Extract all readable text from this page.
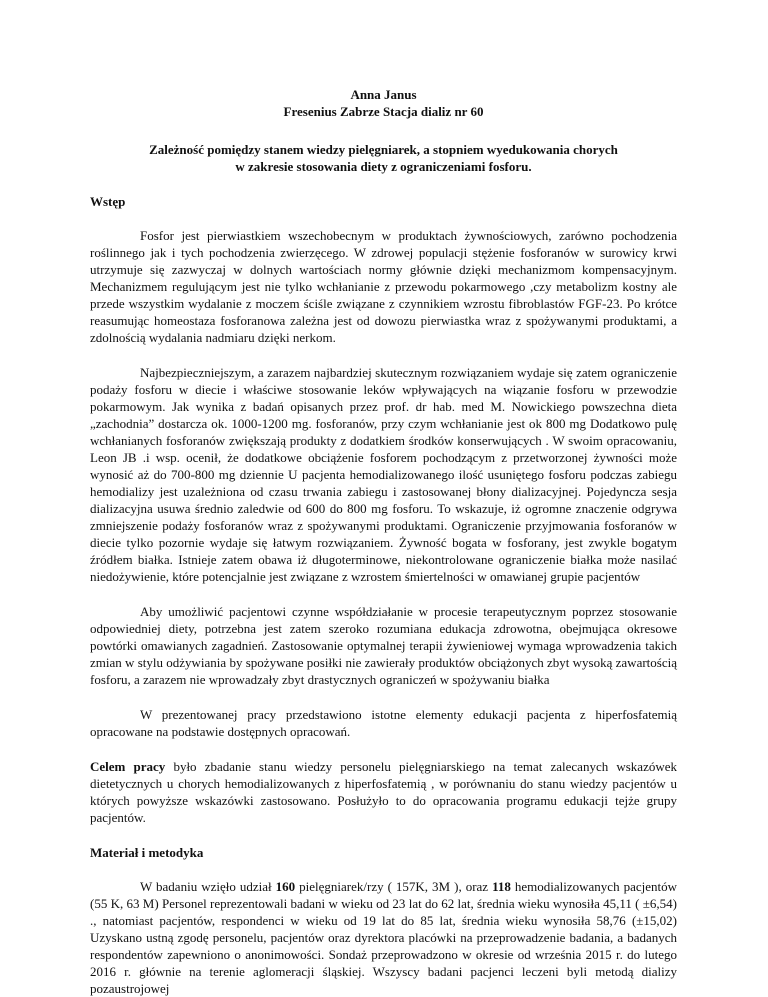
Anna Janus
Fresenius Zabrze Stacja dializ nr 60
Zależność pomiędzy stanem wiedzy pielęgniarek, a stopniem wyedukowania chorych
w zakresie stosowania diety z ograniczeniami fosforu.
Wstęp

Fosfor jest pierwiastkiem wszechobecnym w produktach żywnościowych, zarówno pochodzenia roślinnego jak i tych pochodzenia zwierzęcego. W zdrowej populacji stężenie fosforanów w surowicy krwi utrzymuje się zazwyczaj w dolnych wartościach normy głównie dzięki mechanizmom kompensacyjnym. Mechanizmem regulującym jest nie tylko wchłanianie z przewodu pokarmowego ,czy metabolizm kostny ale przede wszystkim wydalanie z moczem ściśle związane z czynnikiem wzrostu fibroblastów FGF-23. Po krótce reasumując homeostaza fosforanowa zależna jest od dowozu pierwiastka wraz z spożywanymi produktami, a zdolnością wydalania nadmiaru dzięki nerkom.

Najbezpieczniejszym, a zarazem najbardziej skutecznym rozwiązaniem wydaje się zatem ograniczenie podaży fosforu w diecie i właściwe stosowanie leków wpływających na wiązanie fosforu w przewodzie pokarmowym. Jak wynika z badań opisanych przez prof. dr hab. med M. Nowickiego powszechna dieta „zachodnia” dostarcza ok. 1000-1200 mg. fosforanów, przy czym wchłanianie jest ok 800 mg Dodatkowo pulę wchłanianych fosforanów zwiększają produkty z dodatkiem środków konserwujących . W swoim opracowaniu, Leon JB .i wsp. ocenił, że dodatkowe obciążenie fosforem pochodzącym z przetworzonej żywności może wynosić aż do 700-800 mg dziennie U pacjenta hemodializowanego ilość usuniętego fosforu podczas zabiegu hemodializy jest uzależniona od czasu trwania zabiegu i zastosowanej błony dializacyjnej. Pojedyncza sesja dializacyjna usuwa średnio zaledwie od 600 do 800 mg fosforu. To wskazuje, iż ogromne znaczenie odgrywa zmniejszenie podaży fosforanów wraz z spożywanymi produktami. Ograniczenie przyjmowania fosforanów w diecie tylko pozornie wydaje się łatwym rozwiązaniem. Żywność bogata w fosforany, jest zwykle bogatym źródłem białka. Istnieje zatem obawa iż długoterminowe, niekontrolowane ograniczenie białka może nasilać niedożywienie, które potencjalnie jest związane z wzrostem śmiertelności w omawianej grupie pacjentów

Aby umożliwić pacjentowi czynne współdziałanie w procesie terapeutycznym poprzez stosowanie odpowiedniej diety, potrzebna jest zatem szeroko rozumiana edukacja zdrowotna, obejmująca okresowe powtórki omawianych zagadnień. Zastosowanie optymalnej terapii żywieniowej wymaga wprowadzenia takich zmian w stylu odżywiania by spożywane posiłki nie zawierały produktów obciążonych zbyt wysoką zawartością fosforu, a zarazem nie wprowadzały zbyt drastycznych ograniczeń w spożywaniu białka

W prezentowanej pracy przedstawiono istotne elementy edukacji pacjenta z hiperfosfatemią opracowane na podstawie dostępnych opracowań.

Celem pracy było zbadanie stanu wiedzy personelu pielęgniarskiego na temat zalecanych wskazówek dietetycznych u chorych hemodializowanych z hiperfosfatemią , w porównaniu do stanu wiedzy pacjentów u których powyższe wskazówki zastosowano. Posłużyło to do opracowania programu edukacji tejże grupy pacjentów.

Materiał i metodyka

W badaniu wzięło udział 160 pielęgniarek/rzy ( 157K, 3M ), oraz 118 hemodializowanych pacjentów (55 K, 63 M) Personel reprezentowali badani w wieku od 23 lat do 62 lat, średnia wieku wynosiła 45,11 ( ±6,54) ., natomiast pacjentów, respondenci w wieku od 19 lat do 85 lat, średnia wieku wynosiła 58,76 (±15,02) Uzyskano ustną zgodę personelu, pacjentów oraz dyrektora placówki na przeprowadzenie badania, a badanych respondentów zapewniono o anonimowości. Sondaż przeprowadzono w okresie od września 2015 r. do lutego 2016 r. głównie na terenie aglomeracji śląskiej. Wszyscy badani pacjenci leczeni byli metodą dializy pozaustrojowej
